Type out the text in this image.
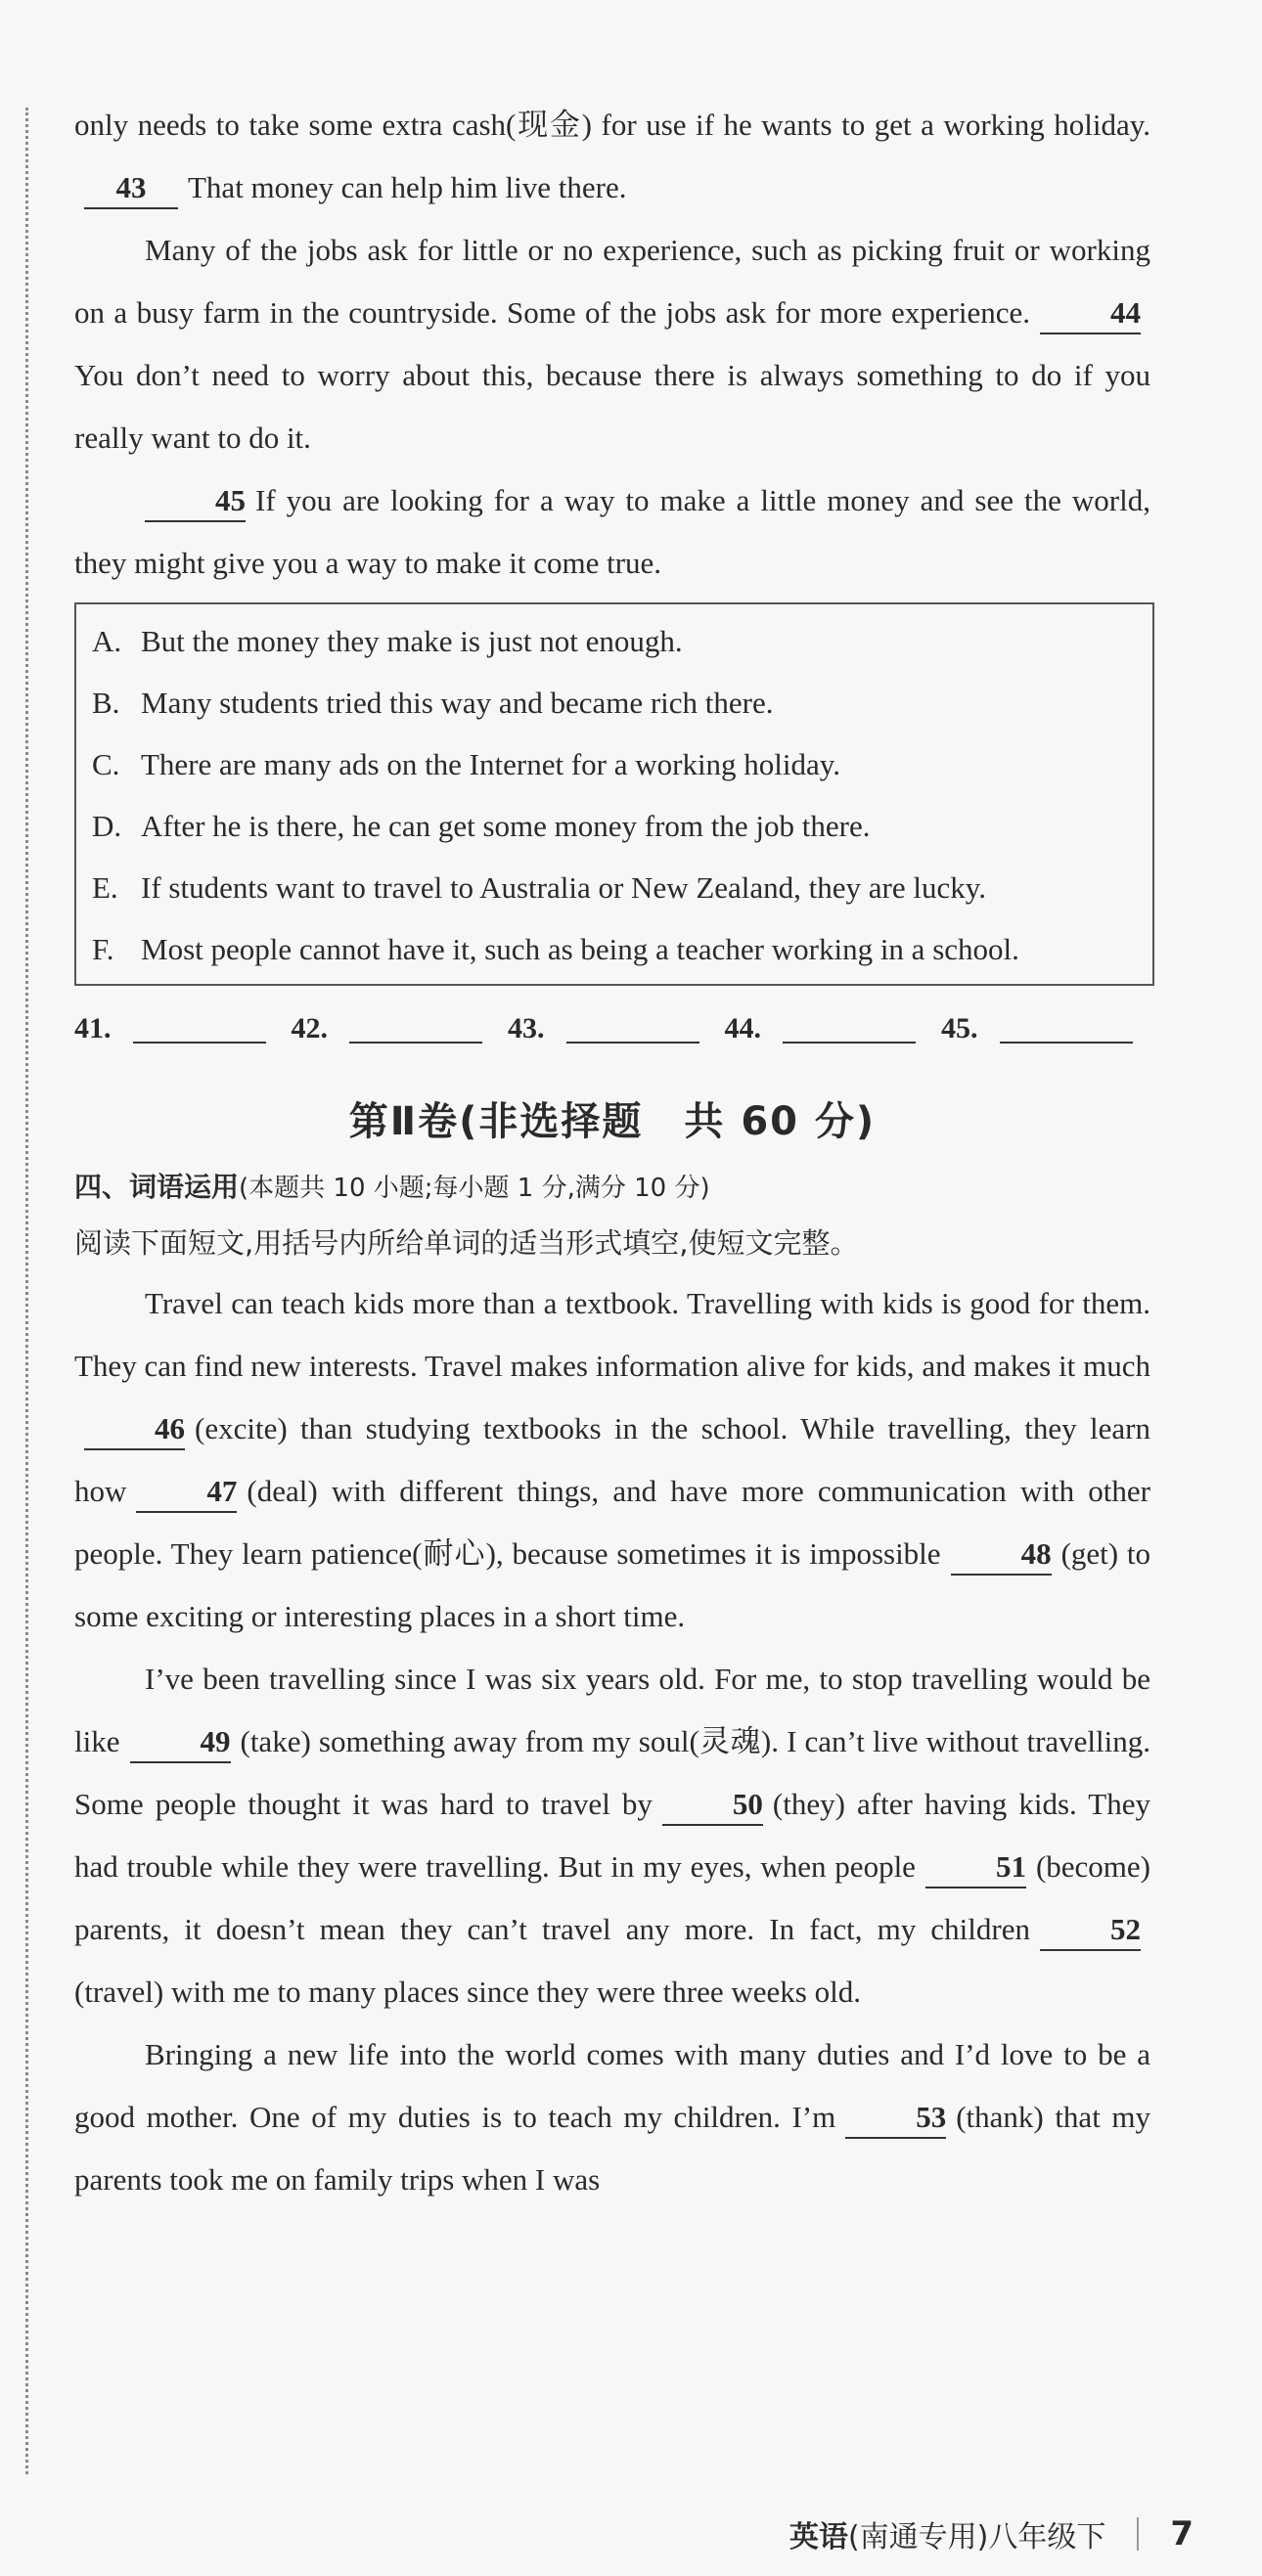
only needs to take some extra cash(现金) for use if he wants to get a working holiday.43 That money can help him live there.

Many of the jobs ask for little or no experience, such as picking fruit or working on a busy farm in the countryside. Some of the jobs ask for more experience.	44You don’t need to worry about this, because there is always something to do if you really want to do it.

45 If you are looking for a way to make a little money and see the world, they might give you a way to make it come true.

A. But the money they make is just not enough.
B. Many students tried this way and became rich there.
C. There are many ads on the Internet for a working holiday.
D. After he is there, he can get some money from the job there.
E. If students want to travel to Australia or New Zealand, they are lucky.
F. Most people cannot have it, such as being a teacher working in a school.
41.	42.	43.	44.	45.
第Ⅱ卷(非选择题　共 60 分)
四、词语运用(本题共 10 小题;每小题 1 分,满分 10 分)
阅读下面短文,用括号内所给单词的适当形式填空,使短文完整。

Travel can teach kids more than a textbook. Travelling with kids is good for them. They can find new interests. Travel makes information alive for kids, and makes it much46 (excite) than studying textbooks in the school. While travelling, they learn how	47 (deal) with different things, and have more communication with other people. They learn patience(耐心), because sometimes it is impossible	48 (get) to some exciting or interesting places in a short time.

I’ve been travelling since I was six years old. For me, to stop travelling would be like	49 (take) something away from my soul(灵魂). I can’t live without travelling. Some people thought it was hard to travel by	50 (they) after having kids. They had trouble while they were travelling. But in my eyes, when people	51 (become) parents, it doesn’t mean they can’t travel any more. In fact, my children	52(travel) with me to many places since they were three weeks old.

Bringing a new life into the world comes with many duties and I’d love to be a good mother. One of my duties is to teach my children. I’m	53 (thank) that my parents took me on family trips when I was

英语 (南通专用)八年级下 7
